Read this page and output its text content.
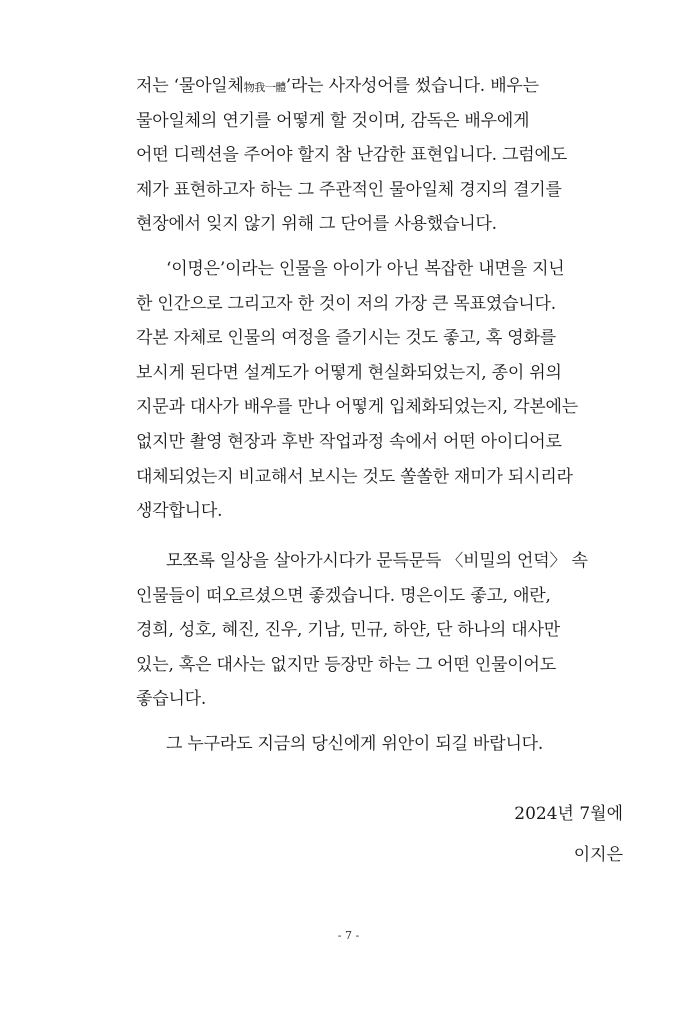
저는 ‘물아일체物我一體’라는 사자성어를 썼습니다. 배우는
물아일체의 연기를 어떻게 할 것이며, 감독은 배우에게
어떤 디렉션을 주어야 할지 참 난감한 표현입니다. 그럼에도
제가 표현하고자 하는 그 주관적인 물아일체 경지의 결기를
현장에서 잊지 않기 위해 그 단어를 사용했습니다.
‘이명은’이라는 인물을 아이가 아닌 복잡한 내면을 지닌
한 인간으로 그리고자 한 것이 저의 가장 큰 목표였습니다.
각본 자체로 인물의 여정을 즐기시는 것도 좋고, 혹 영화를
보시게 된다면 설계도가 어떻게 현실화되었는지, 종이 위의
지문과 대사가 배우를 만나 어떻게 입체화되었는지, 각본에는
없지만 촬영 현장과 후반 작업과정 속에서 어떤 아이디어로
대체되었는지 비교해서 보시는 것도 쏠쏠한 재미가 되시리라
생각합니다.
모쪼록 일상을 살아가시다가 문득문득 〈비밀의 언덕〉 속
인물들이 떠오르셨으면 좋겠습니다. 명은이도 좋고, 애란,
경희, 성호, 혜진, 진우, 기남, 민규, 하얀, 단 하나의 대사만
있는, 혹은 대사는 없지만 등장만 하는 그 어떤 인물이어도
좋습니다.
그 누구라도 지금의 당신에게 위안이 되길 바랍니다.
2024년 7월에
이지은
- 7 -
